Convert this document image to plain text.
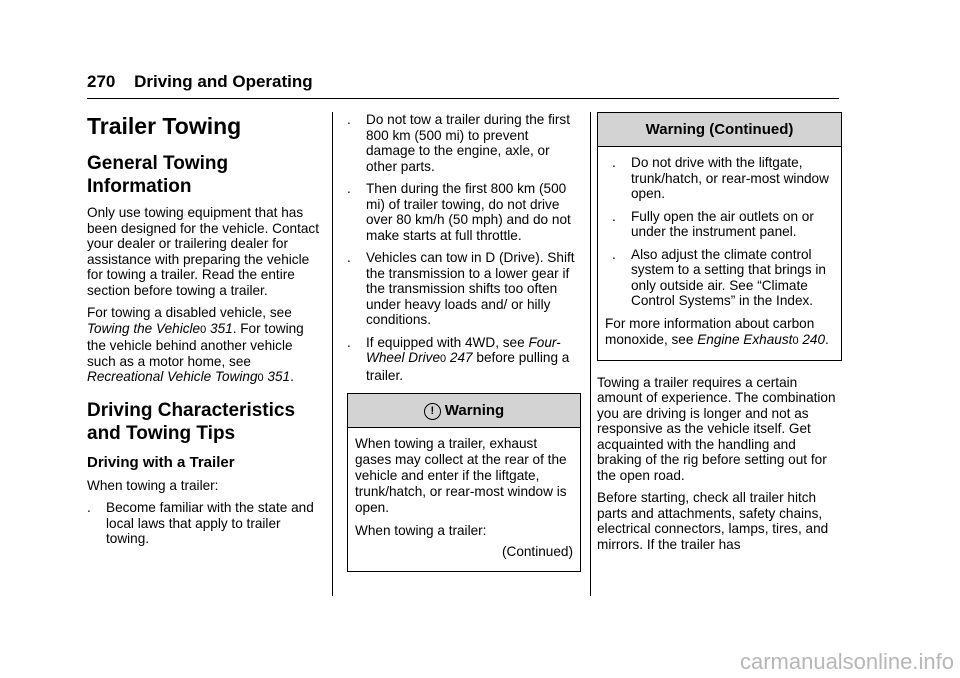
270 Driving and Operating
Trailer Towing
General Towing Information

Only use towing equipment that has been designed for the vehicle. Contact your dealer or trailering dealer for assistance with preparing the vehicle for towing a trailer. Read the entire section before towing a trailer.

For towing a disabled vehicle, see Towing the Vehicle0 351. For towing the vehicle behind another vehicle such as a motor home, see Recreational Vehicle Towing0 351.

Driving Characteristics and Towing Tips
Driving with a Trailer

When towing a trailer:

. Become familiar with the state and local laws that apply to trailer towing.
. Do not tow a trailer during the first 800 km (500 mi) to prevent damage to the engine, axle, or other parts.
. Then during the first 800 km (500 mi) of trailer towing, do not drive over 80 km/h (50 mph) and do not make starts at full throttle.
. Vehicles can tow in D (Drive). Shift the transmission to a lower gear if the transmission shifts too often under heavy loads and/ or hilly conditions.
. If equipped with 4WD, see Four-Wheel Drive0 247 before pulling a trailer.
! Warning

When towing a trailer, exhaust gases may collect at the rear of the vehicle and enter if the liftgate, trunk/hatch, or rear-most window is open.

When towing a trailer:

(Continued)

Warning (Continued)
. Do not drive with the liftgate, trunk/hatch, or rear-most window open.
. Fully open the air outlets on or under the instrument panel.
. Also adjust the climate control system to a setting that brings in only outside air. See “Climate Control Systems” in the Index.

For more information about carbon monoxide, see Engine Exhaust0 240.

Towing a trailer requires a certain amount of experience. The combination you are driving is longer and not as responsive as the vehicle itself. Get acquainted with the handling and braking of the rig before setting out for the open road.

Before starting, check all trailer hitch parts and attachments, safety chains, electrical connectors, lamps, tires, and mirrors. If the trailer has

carmanualsonline.info
